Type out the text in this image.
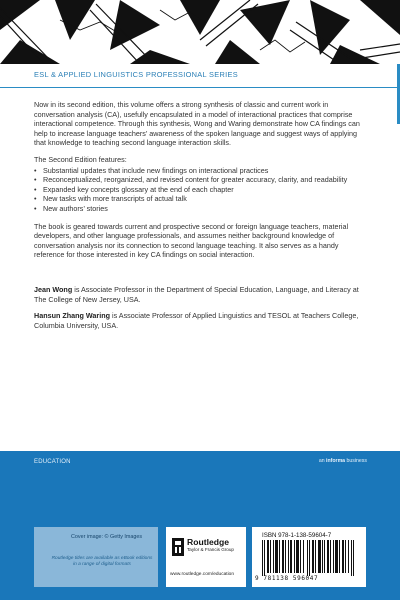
ESL & APPLIED LINGUISTICS PROFESSIONAL SERIES

Now in its second edition, this volume offers a strong synthesis of classic and current work in conversation analysis (CA), usefully encapsulated in a model of interactional practices that comprise interactional competence. Through this synthesis, Wong and Waring demonstrate how CA findings can help to increase language teachers’ awareness of the spoken language and suggest ways of applying that knowledge to teaching second language interaction skills.

The Second Edition features:
• Substantial updates that include new findings on interactional practices
• Reconceptualized, reorganized, and revised content for greater accuracy, clarity, and readability
• Expanded key concepts glossary at the end of each chapter
• New tasks with more transcripts of actual talk
• New authors’ stories

The book is geared towards current and prospective second or foreign language teachers, material developers, and other language professionals, and assumes neither background knowledge of conversation analysis nor its connection to second language teaching. It also serves as a handy reference for those interested in key CA findings on social interaction.

Jean Wong is Associate Professor in the Department of Special Education, Language, and Literacy at The College of New Jersey, USA.

Hansun Zhang Waring is Associate Professor of Applied Linguistics and TESOL at Teachers College, Columbia University, USA.

EDUCATION	an informa business
Cover image: © Getty Images
Routledge titles are available as eBook editions in a range of digital formats
Routledge
Taylor & Francis Group
www.routledge.com/education
ISBN 978-1-138-59604-7
9 781138 596047
